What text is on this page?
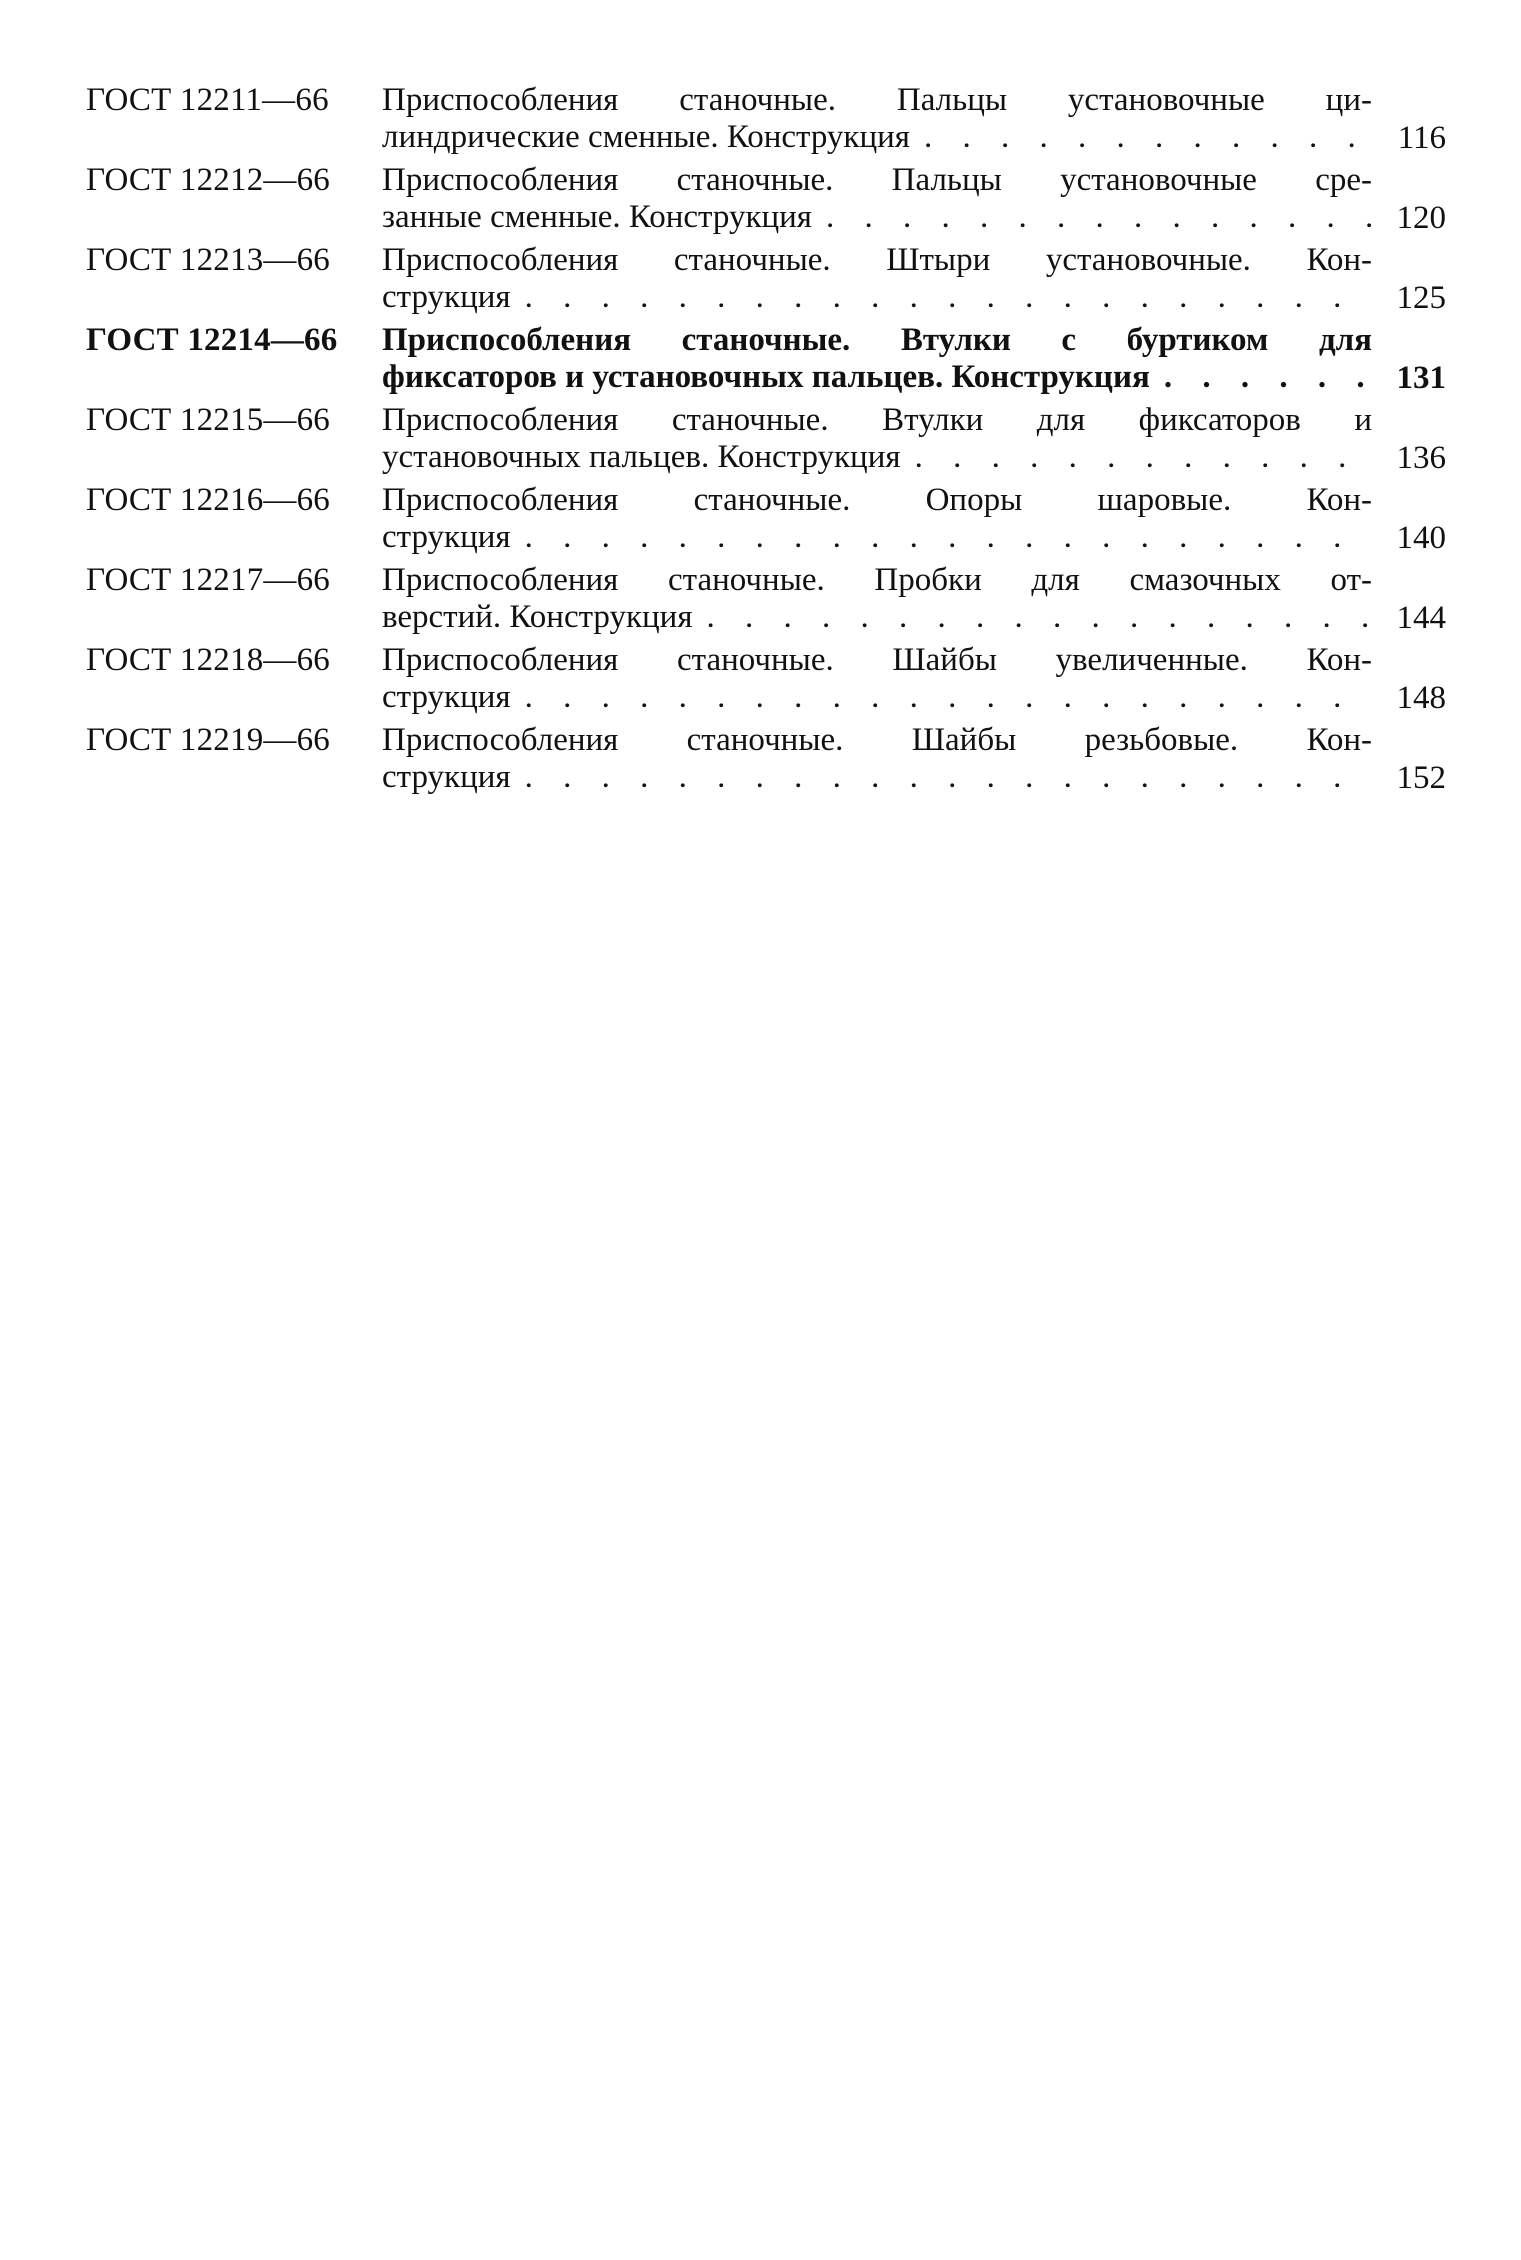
ГОСТ 12211—66	Приспособления станочные. Пальцы установочные ци-
линдрические сменные. Конструкция . . .	116
ГОСТ 12212—66	Приспособления станочные. Пальцы установочные сре-
занные сменные. Конструкция . . .	120
ГОСТ 12213—66	Приспособления станочные. Штыри установочные. Кон-
струкция . . .	125
ГОСТ 12214—66	Приспособления станочные. Втулки с буртиком для
фиксаторов и установочных пальцев. Конструкция . . .	131
ГОСТ 12215—66	Приспособления станочные. Втулки для фиксаторов и
установочных пальцев. Конструкция . . .	136
ГОСТ 12216—66	Приспособления станочные. Опоры шаровые. Кон-
струкция . . .	140
ГОСТ 12217—66	Приспособления станочные. Пробки для смазочных от-
верстий. Конструкция . . .	144
ГОСТ 12218—66	Приспособления станочные. Шайбы увеличенные. Кон-
струкция . . .	148
ГОСТ 12219—66	Приспособления станочные. Шайбы резьбовые. Кон-
струкция . . .	152
